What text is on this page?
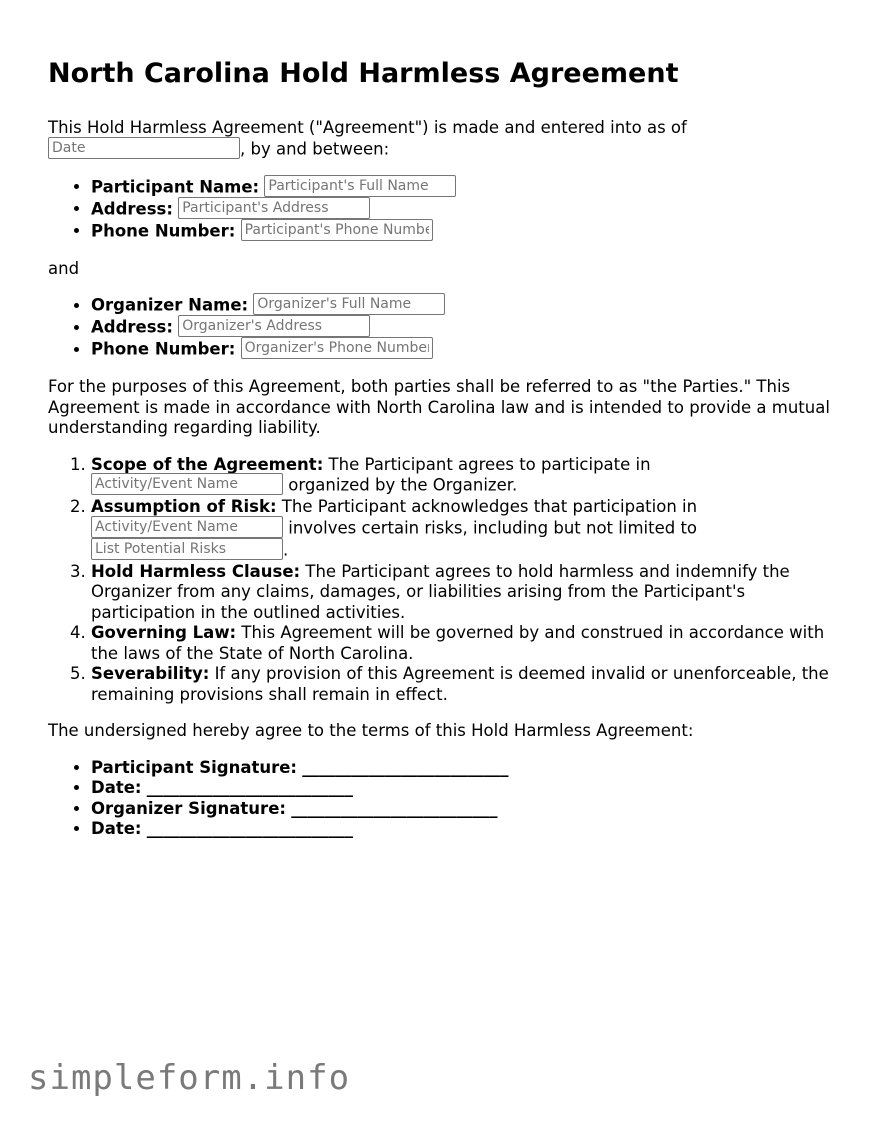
North Carolina Hold Harmless Agreement

This Hold Harmless Agreement ("Agreement") is made and entered into as of
Date, by and between:

• Participant Name: Participant's Full Name
• Address: Participant's Address
• Phone Number: Participant's Phone Number

and

• Organizer Name: Organizer's Full Name
• Address: Organizer's Address
• Phone Number: Organizer's Phone Number

For the purposes of this Agreement, both parties shall be referred to as "the Parties." This Agreement is made in accordance with North Carolina law and is intended to provide a mutual understanding regarding liability.

1. Scope of the Agreement: The Participant agrees to participate in
Activity/Event Name organized by the Organizer.
2. Assumption of Risk: The Participant acknowledges that participation in
Activity/Event Name involves certain risks, including but not limited to
List Potential Risks.
3. Hold Harmless Clause: The Participant agrees to hold harmless and indemnify the Organizer from any claims, damages, or liabilities arising from the Participant's participation in the outlined activities.
4. Governing Law: This Agreement will be governed by and construed in accordance with the laws of the State of North Carolina.
5. Severability: If any provision of this Agreement is deemed invalid or unenforceable, the remaining provisions shall remain in effect.

The undersigned hereby agree to the terms of this Hold Harmless Agreement:

• Participant Signature: _________________________
• Date: _________________________
• Organizer Signature: _________________________
• Date: _________________________
simpleform.info
